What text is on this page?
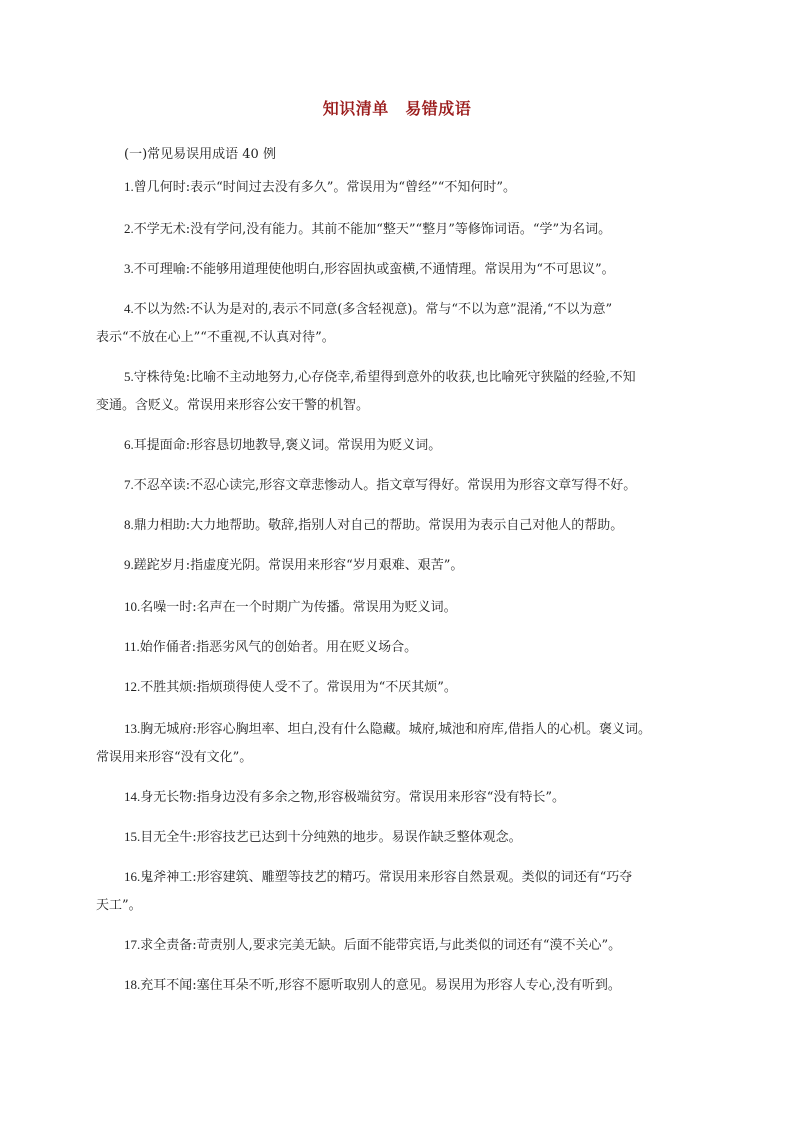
知识清单　易错成语
(一)常见易误用成语 40 例
1.曾几何时:表示“时间过去没有多久”。常误用为“曾经”“不知何时”。
2.不学无术:没有学问,没有能力。其前不能加“整天”“整月”等修饰词语。“学”为名词。
3.不可理喻:不能够用道理使他明白,形容固执或蛮横,不通情理。常误用为“不可思议”。
4.不以为然:不认为是对的,表示不同意(多含轻视意)。常与“不以为意”混淆,“不以为意”
表示“不放在心上”“不重视,不认真对待”。
5.守株待兔:比喻不主动地努力,心存侥幸,希望得到意外的收获,也比喻死守狭隘的经验,不知
变通。含贬义。常误用来形容公安干警的机智。
6.耳提面命:形容恳切地教导,褒义词。常误用为贬义词。
7.不忍卒读:不忍心读完,形容文章悲惨动人。指文章写得好。常误用为形容文章写得不好。
8.鼎力相助:大力地帮助。敬辞,指别人对自己的帮助。常误用为表示自己对他人的帮助。
9.蹉跎岁月:指虚度光阴。常误用来形容“岁月艰难、艰苦”。
10.名噪一时:名声在一个时期广为传播。常误用为贬义词。
11.始作俑者:指恶劣风气的创始者。用在贬义场合。
12.不胜其烦:指烦琐得使人受不了。常误用为“不厌其烦”。
13.胸无城府:形容心胸坦率、坦白,没有什么隐藏。城府,城池和府库,借指人的心机。褒义词。
常误用来形容“没有文化”。
14.身无长物:指身边没有多余之物,形容极端贫穷。常误用来形容“没有特长”。
15.目无全牛:形容技艺已达到十分纯熟的地步。易误作缺乏整体观念。
16.鬼斧神工:形容建筑、雕塑等技艺的精巧。常误用来形容自然景观。类似的词还有“巧夺
天工”。
17.求全责备:苛责别人,要求完美无缺。后面不能带宾语,与此类似的词还有“漠不关心”。
18.充耳不闻:塞住耳朵不听,形容不愿听取别人的意见。易误用为形容人专心,没有听到。
